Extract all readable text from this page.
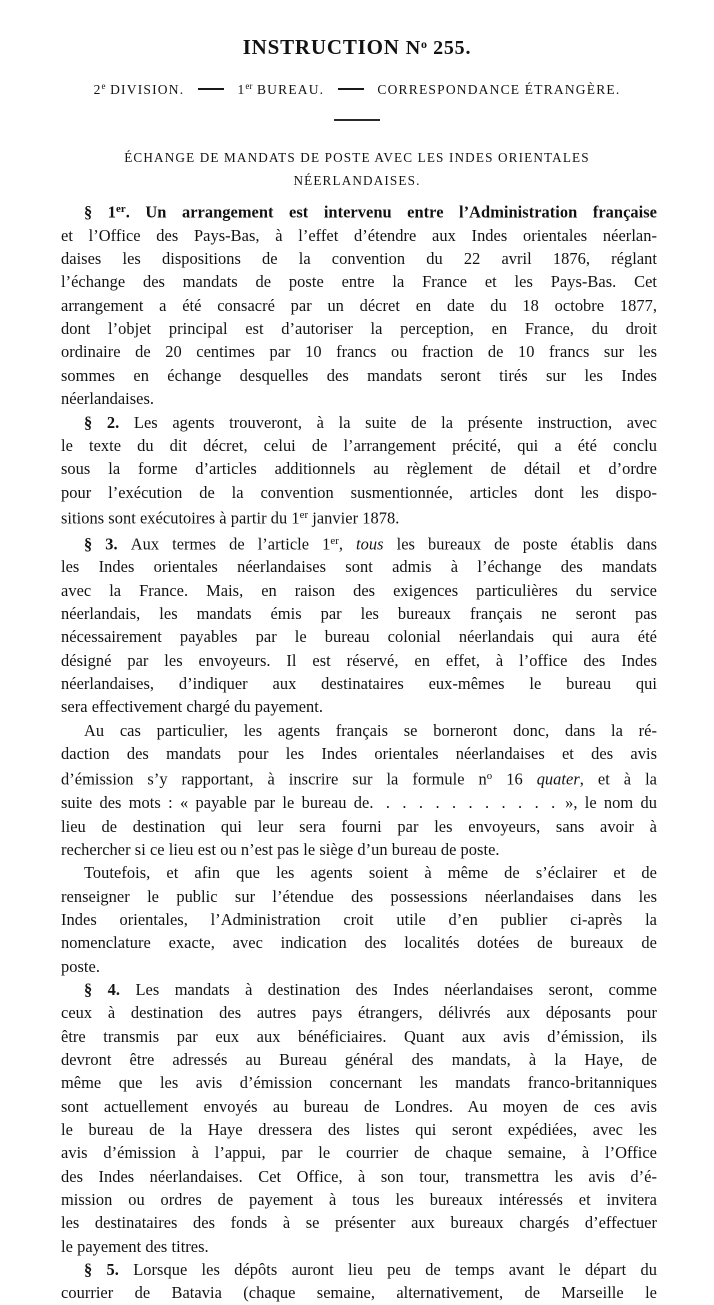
INSTRUCTION $N^o$ 255.
2e DIVISION.	1er BUREAU.	CORRESPONDANCE ÉTRANGÈRE.
ÉCHANGE DE MANDATS DE POSTE AVEC LES INDES ORIENTALES
NÉERLANDAISES.

§ 1er. Un arrangement est intervenu entre l’Administration française
et l’Office des Pays-Bas, à l’effet d’étendre aux Indes orientales néerlan-
daises les dispositions de la convention du 22 avril 1876, réglant
l’échange des mandats de poste entre la France et les Pays-Bas. Cet
arrangement a été consacré par un décret en date du 18 octobre 1877,
dont l’objet principal est d’autoriser la perception, en France, du droit
ordinaire de 20 centimes par 10 francs ou fraction de 10 francs sur les
sommes en échange desquelles des mandats seront tirés sur les Indes
néerlandaises.

§ 2. Les agents trouveront, à la suite de la présente instruction, avec
le texte du dit décret, celui de l’arrangement précité, qui a été conclu
sous la forme d’articles additionnels au règlement de détail et d’ordre
pour l’exécution de la convention susmentionnée, articles dont les dispo-
sitions sont exécutoires à partir du 1er janvier 1878.

§ 3. Aux termes de l’article 1er, tous les bureaux de poste établis dans
les Indes orientales néerlandaises sont admis à l’échange des mandats
avec la France. Mais, en raison des exigences particulières du service
néerlandais, les mandats émis par les bureaux français ne seront pas
nécessairement payables par le bureau colonial néerlandais qui aura été
désigné par les envoyeurs. Il est réservé, en effet, à l’office des Indes
néerlandaises, d’indiquer aux destinataires eux-mêmes le bureau qui
sera effectivement chargé du payement.

Au cas particulier, les agents français se borneront donc, dans la ré-
daction des mandats pour les Indes orientales néerlandaises et des avis
d’émission s’y rapportant, à inscrire sur la formule $n^o$ 16 quater, et à la
suite des mots : « payable par le bureau de. . . . . . . . . . . . », le nom du
lieu de destination qui leur sera fourni par les envoyeurs, sans avoir à
rechercher si ce lieu est ou n’est pas le siège d’un bureau de poste.

Toutefois, et afin que les agents soient à même de s’éclairer et de
renseigner le public sur l’étendue des possessions néerlandaises dans les
Indes orientales, l’Administration croit utile d’en publier ci-après la
nomenclature exacte, avec indication des localités dotées de bureaux de
poste.

§ 4. Les mandats à destination des Indes néerlandaises seront, comme
ceux à destination des autres pays étrangers, délivrés aux déposants pour
être transmis par eux aux bénéficiaires. Quant aux avis d’émission, ils
devront être adressés au Bureau général des mandats, à la Haye, de
même que les avis d’émission concernant les mandats franco-britanniques
sont actuellement envoyés au bureau de Londres. Au moyen de ces avis
le bureau de la Haye dressera des listes qui seront expédiées, avec les
avis d’émission à l’appui, par le courrier de chaque semaine, à l’Office
des Indes néerlandaises. Cet Office, à son tour, transmettra les avis d’é-
mission ou ordres de payement à tous les bureaux intéressés et invitera
les destinataires des fonds à se présenter aux bureaux chargés d’effectuer
le payement des titres.

§ 5. Lorsque les dépôts auront lieu peu de temps avant le départ du
courrier de Batavia (chaque semaine, alternativement, de Marseille le
